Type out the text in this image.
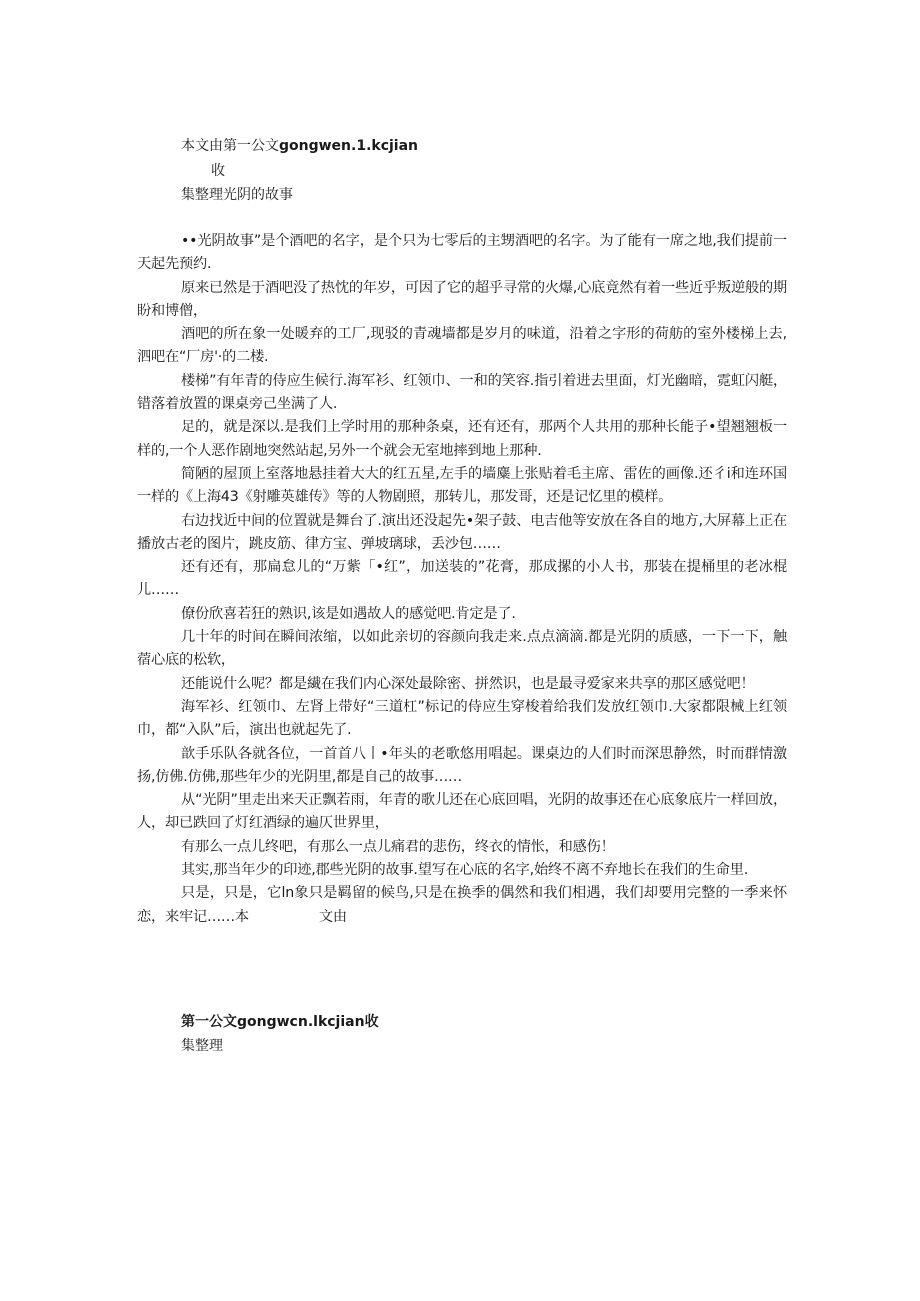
本文由第一公文gongwen.1.kcjian
收
集整理光阴的故事

••光阴故事”是个酒吧的名字，是个只为七零后的主甥酒吧的名字。为了能有一席之地,我们提前一天起先预约.

原来已然是于酒吧没了热忱的年岁，可因了它的超乎寻常的火爆,心底竟然有着一些近乎叛逆般的期盼和博僧，

酒吧的所在象一处暖弃的工厂,现驳的青魂墙都是岁月的味道，沿着之字形的荷舫的室外楼梯上去,泗吧在“厂房'·的二楼.

楼梯”有年青的侍应生候行.海军衫、红领巾、一和的笑容.指引着进去里面，灯光幽暗，霓虹闪艇，错落着放置的课桌旁己坐满了人.

足的，就是深以.是我们上学时用的那种条桌，还有还有，那两个人共用的那种长能子•望翘翘板一样的,一个人恶作剧地突然站起,另外一个就会无室地摔到地上那种.

简陋的屋顶上室落地悬挂着大大的红五星,左手的墙麋上张贴着毛主席、雷佐的画像.还彳i和连环国一样的《上海43《射雕英雄传》等的人物剧照，那转儿，那发哥，还是记忆里的模样。

右边找近中间的位置就是舞台了.演出还没起先•架子鼓、电吉他等安放在各自的地方,大屏幕上正在播放古老的图片，跳皮筋、律方宝、弹坡璃球，丢沙包……

还有还有，那扁怠儿的“万紫「•红”，加送装的”花膏，那成摞的小人书，那装在提桶里的老冰棍儿……

僚份欣喜若狂的熟识,该是如遇故人的感觉吧.肯定是了.

几十年的时间在瞬间浓缩，以如此亲切的容颜向我走来.点点滴滴.都是光阴的质感，一下一下，触蓿心底的松软，

还能说什么呢？都是繊在我们内心深处最除密、拼然识，也是最寻爱家来共享的那区感觉吧！

海军衫、红领巾、左肾上带好“三道杠”标记的侍应生穿梭着给我们发放红领巾.大家都限械上红领巾，都“入队”后，演出也就起先了.

歆手乐队各就各位，一首首八丨•年头的老歌悠用唱起。课桌边的人们时而深思静然，时而群情激扬,仿佛.仿佛,那些年少的光阴里,都是自己的故事……

从“光阴”里走出来天正飘若雨，年青的歌儿还在心底回唱，光阴的故事还在心底象底片一样回放，人，却已跌回了灯红酒绿的遍仄世界里，

有那么一点儿终吧，有那么一点儿痛君的悲伤，终衣的情怅，和感伤！

其实,那当年少的印迹,郡些光阴的故事.望写在心底的名字,始终不离不弃地长在我们的生命里.

只是，只是，它ln象只是羁留的候鸟,只是在换季的偶然和我们相遇，我们却要用完整的一季来怀恋，来牢记……本　　　　　文由

第一公文gongwcn.lkcjian收
集整理
